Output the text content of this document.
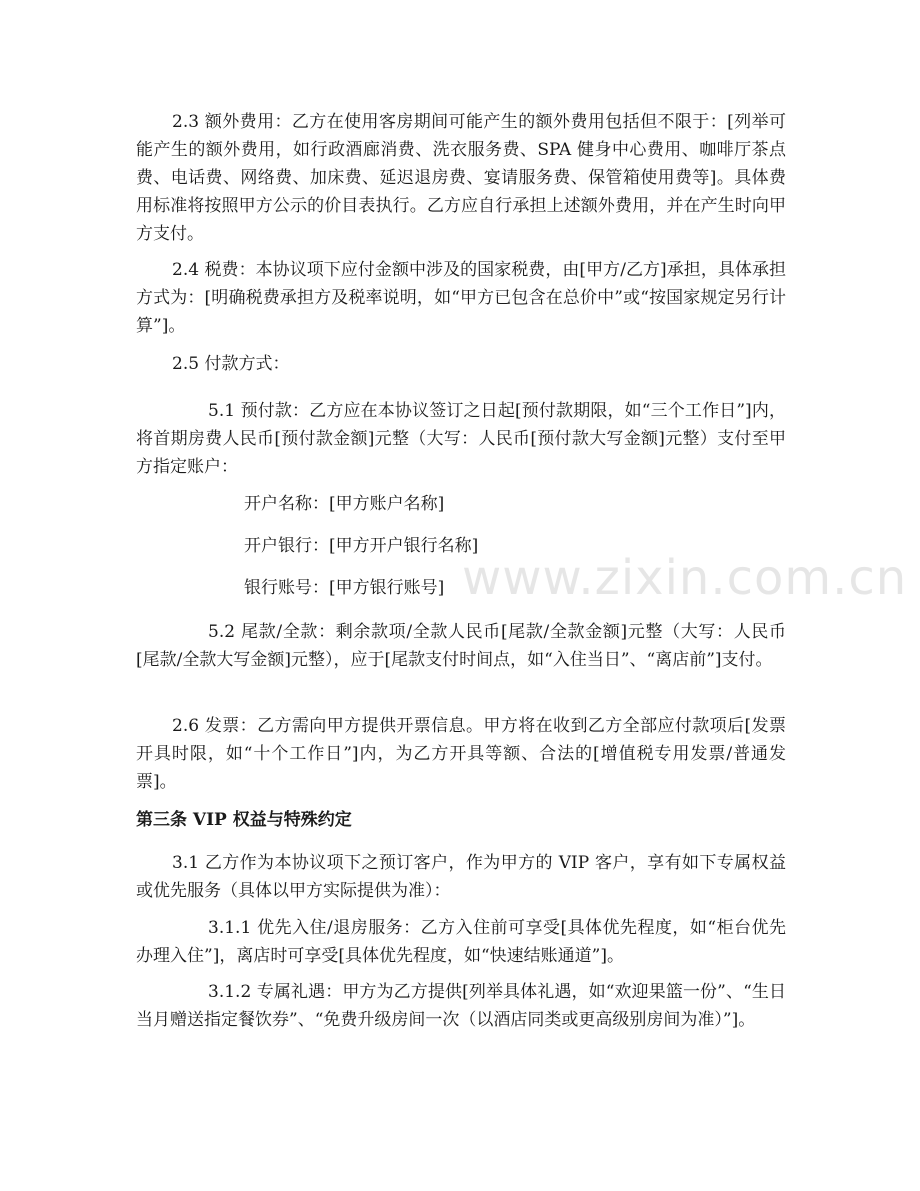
2.3 额外费用：乙方在使用客房期间可能产生的额外费用包括但不限于：[列举可能产生的额外费用，如行政酒廊消费、洗衣服务费、SPA 健身中心费用、咖啡厅茶点费、电话费、网络费、加床费、延迟退房费、宴请服务费、保管箱使用费等]。具体费用标准将按照甲方公示的价目表执行。乙方应自行承担上述额外费用，并在产生时向甲方支付。

2.4 税费：本协议项下应付金额中涉及的国家税费，由[甲方/乙方]承担，具体承担方式为：[明确税费承担方及税率说明，如“甲方已包含在总价中”或“按国家规定另行计算”]。

2.5 付款方式：

5.1 预付款：乙方应在本协议签订之日起[预付款期限，如“三个工作日”]内，将首期房费人民币[预付款金额]元整（大写：人民币[预付款大写金额]元整）支付至甲方指定账户：

开户名称：[甲方账户名称]

开户银行：[甲方开户银行名称]

银行账号：[甲方银行账号]

5.2 尾款/全款：剩余款项/全款人民币[尾款/全款金额]元整（大写：人民币[尾款/全款大写金额]元整），应于[尾款支付时间点，如“入住当日”、“离店前”]支付。

2.6 发票：乙方需向甲方提供开票信息。甲方将在收到乙方全部应付款项后[发票开具时限，如“十个工作日”]内，为乙方开具等额、合法的[增值税专用发票/普通发票]。

第三条 VIP 权益与特殊约定

3.1 乙方作为本协议项下之预订客户，作为甲方的 VIP 客户，享有如下专属权益或优先服务（具体以甲方实际提供为准）：

3.1.1 优先入住/退房服务：乙方入住前可享受[具体优先程度，如“柜台优先办理入住”]，离店时可享受[具体优先程度，如“快速结账通道”]。

3.1.2 专属礼遇：甲方为乙方提供[列举具体礼遇，如“欢迎果篮一份”、“生日当月赠送指定餐饮券”、“免费升级房间一次（以酒店同类或更高级别房间为准）”]。

www.zixin.com.cn
